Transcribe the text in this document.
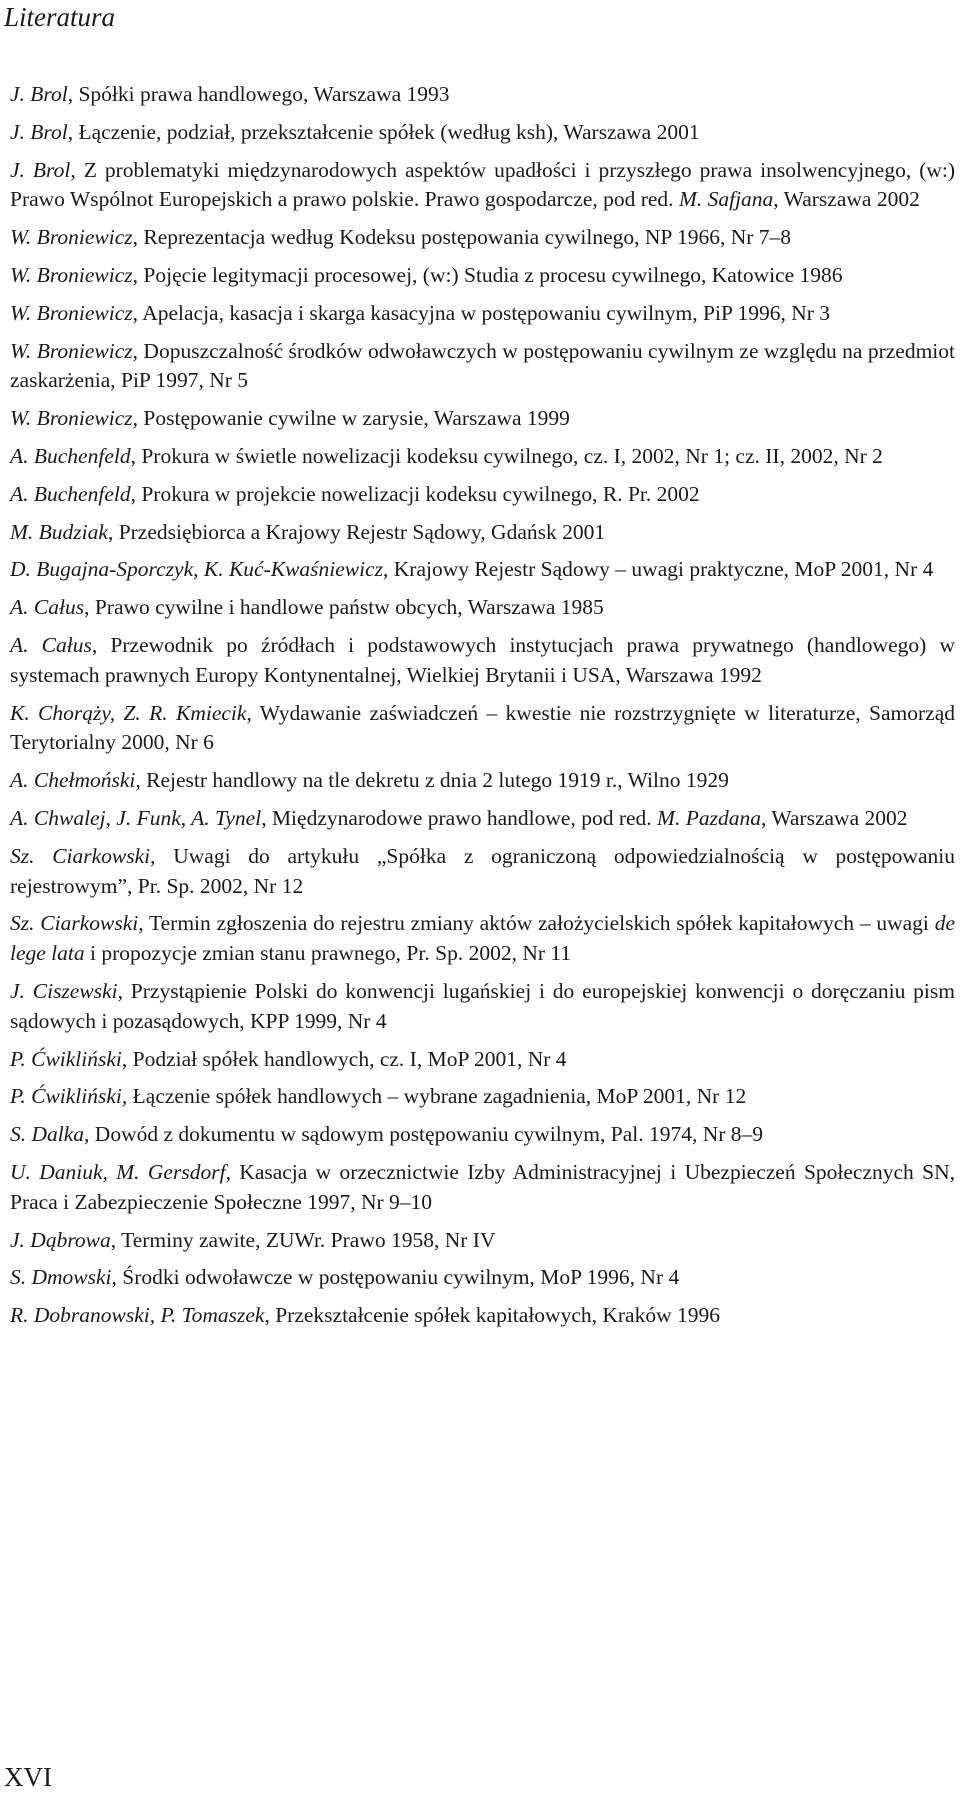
Literatura
J. Brol, Spółki prawa handlowego, Warszawa 1993
J. Brol, Łączenie, podział, przekształcenie spółek (według ksh), Warszawa 2001
J. Brol, Z problematyki międzynarodowych aspektów upadłości i przyszłego prawa insolwencyjnego, (w:) Prawo Wspólnot Europejskich a prawo polskie. Prawo gospodarcze, pod red. M. Safjana, Warszawa 2002
W. Broniewicz, Reprezentacja według Kodeksu postępowania cywilnego, NP 1966, Nr 7–8
W. Broniewicz, Pojęcie legitymacji procesowej, (w:) Studia z procesu cywilnego, Katowice 1986
W. Broniewicz, Apelacja, kasacja i skarga kasacyjna w postępowaniu cywilnym, PiP 1996, Nr 3
W. Broniewicz, Dopuszczalność środków odwoławczych w postępowaniu cywilnym ze względu na przedmiot zaskarżenia, PiP 1997, Nr 5
W. Broniewicz, Postępowanie cywilne w zarysie, Warszawa 1999
A. Buchenfeld, Prokura w świetle nowelizacji kodeksu cywilnego, cz. I, 2002, Nr 1; cz. II, 2002, Nr 2
A. Buchenfeld, Prokura w projekcie nowelizacji kodeksu cywilnego, R. Pr. 2002
M. Budziak, Przedsiębiorca a Krajowy Rejestr Sądowy, Gdańsk 2001
D. Bugajna-Sporczyk, K. Kuć-Kwaśniewicz, Krajowy Rejestr Sądowy – uwagi praktyczne, MoP 2001, Nr 4
A. Całus, Prawo cywilne i handlowe państw obcych, Warszawa 1985
A. Całus, Przewodnik po źródłach i podstawowych instytucjach prawa prywatnego (handlowego) w systemach prawnych Europy Kontynentalnej, Wielkiej Brytanii i USA, Warszawa 1992
K. Chorąży, Z. R. Kmiecik, Wydawanie zaświadczeń – kwestie nie rozstrzygnięte w literaturze, Samorząd Terytorialny 2000, Nr 6
A. Chełmoński, Rejestr handlowy na tle dekretu z dnia 2 lutego 1919 r., Wilno 1929
A. Chwalej, J. Funk, A. Tynel, Międzynarodowe prawo handlowe, pod red. M. Pazdana, Warszawa 2002
Sz. Ciarkowski, Uwagi do artykułu „Spółka z ograniczoną odpowiedzialnością w postępowaniu rejestrowym”, Pr. Sp. 2002, Nr 12
Sz. Ciarkowski, Termin zgłoszenia do rejestru zmiany aktów założycielskich spółek kapitałowych – uwagi de lege lata i propozycje zmian stanu prawnego, Pr. Sp. 2002, Nr 11
J. Ciszewski, Przystąpienie Polski do konwencji lugańskiej i do europejskiej konwencji o doręczaniu pism sądowych i pozasądowych, KPP 1999, Nr 4
P. Ćwikliński, Podział spółek handlowych, cz. I, MoP 2001, Nr 4
P. Ćwikliński, Łączenie spółek handlowych – wybrane zagadnienia, MoP 2001, Nr 12
S. Dalka, Dowód z dokumentu w sądowym postępowaniu cywilnym, Pal. 1974, Nr 8–9
U. Daniuk, M. Gersdorf, Kasacja w orzecznictwie Izby Administracyjnej i Ubezpieczeń Społecznych SN, Praca i Zabezpieczenie Społeczne 1997, Nr 9–10
J. Dąbrowa, Terminy zawite, ZUWr. Prawo 1958, Nr IV
S. Dmowski, Środki odwoławcze w postępowaniu cywilnym, MoP 1996, Nr 4
R. Dobranowski, P. Tomaszek, Przekształcenie spółek kapitałowych, Kraków 1996
XVI
